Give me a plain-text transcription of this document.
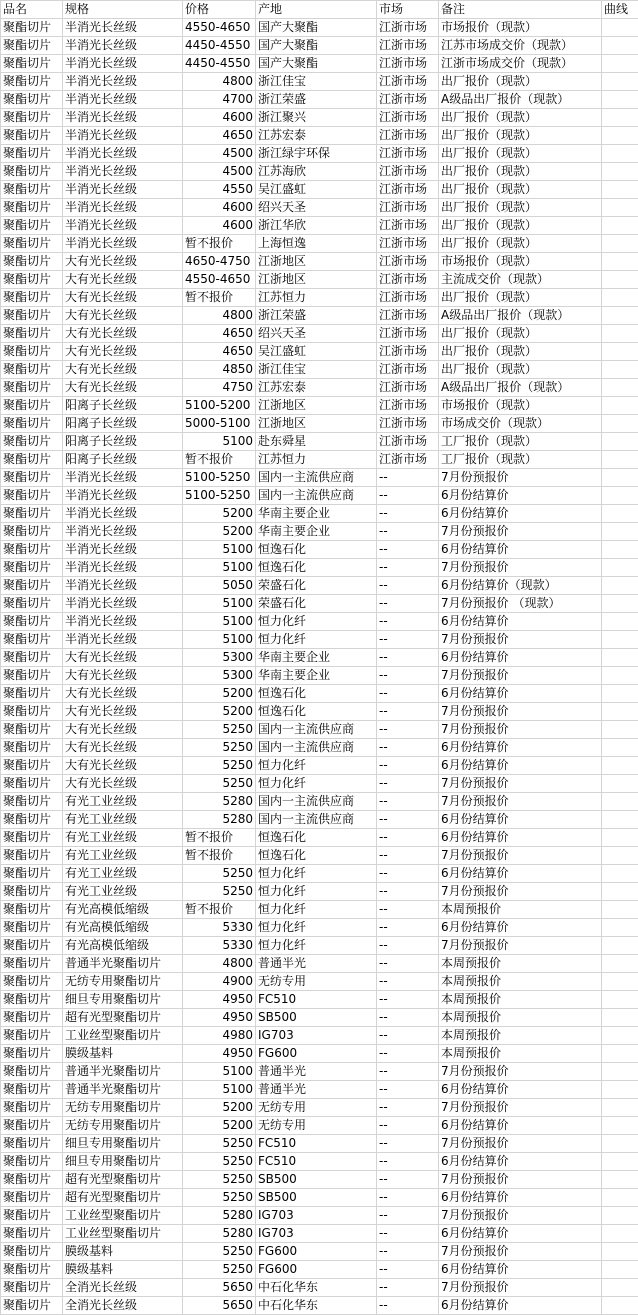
品名	规格	价格	产地	市场	备注	曲线
聚酯切片	半消光长丝级	4550-4650	国产大聚酯	江浙市场	市场报价（现款）	
聚酯切片	半消光长丝级	4450-4550	国产大聚酯	江浙市场	江苏市场成交价（现款）	
聚酯切片	半消光长丝级	4450-4550	国产大聚酯	江浙市场	江浙市场成交价（现款）	
聚酯切片	半消光长丝级	4800	浙江佳宝	江浙市场	出厂报价（现款）	
聚酯切片	半消光长丝级	4700	浙江荣盛	江浙市场	A级品出厂报价（现款）	
聚酯切片	半消光长丝级	4600	浙江聚兴	江浙市场	出厂报价（现款）	
聚酯切片	半消光长丝级	4650	江苏宏泰	江浙市场	出厂报价（现款）	
聚酯切片	半消光长丝级	4500	浙江绿宇环保	江浙市场	出厂报价（现款）	
聚酯切片	半消光长丝级	4500	江苏海欣	江浙市场	出厂报价（现款）	
聚酯切片	半消光长丝级	4550	吴江盛虹	江浙市场	出厂报价（现款）	
聚酯切片	半消光长丝级	4600	绍兴天圣	江浙市场	出厂报价（现款）	
聚酯切片	半消光长丝级	4600	浙江华欣	江浙市场	出厂报价（现款）	
聚酯切片	半消光长丝级	暂不报价	上海恒逸	江浙市场	出厂报价（现款）	
聚酯切片	大有光长丝级	4650-4750	江浙地区	江浙市场	市场报价（现款）	
聚酯切片	大有光长丝级	4550-4650	江浙地区	江浙市场	主流成交价（现款）	
聚酯切片	大有光长丝级	暂不报价	江苏恒力	江浙市场	出厂报价（现款）	
聚酯切片	大有光长丝级	4800	浙江荣盛	江浙市场	A级品出厂报价（现款）	
聚酯切片	大有光长丝级	4650	绍兴天圣	江浙市场	出厂报价（现款）	
聚酯切片	大有光长丝级	4650	吴江盛虹	江浙市场	出厂报价（现款）	
聚酯切片	大有光长丝级	4850	浙江佳宝	江浙市场	出厂报价（现款）	
聚酯切片	大有光长丝级	4750	江苏宏泰	江浙市场	A级品出厂报价（现款）	
聚酯切片	阳离子长丝级	5100-5200	江浙地区	江浙市场	市场报价（现款）	
聚酯切片	阳离子长丝级	5000-5100	江浙地区	江浙市场	市场成交价（现款）	
聚酯切片	阳离子长丝级	5100	赴东舜星	江浙市场	工厂报价（现款）	
聚酯切片	阳离子长丝级	暂不报价	江苏恒力	江浙市场	工厂报价（现款）	
聚酯切片	半消光长丝级	5100-5250	国内一主流供应商	--	7月份预报价	
聚酯切片	半消光长丝级	5100-5250	国内一主流供应商	--	6月份结算价	
聚酯切片	半消光长丝级	5200	华南主要企业	--	6月份结算价	
聚酯切片	半消光长丝级	5200	华南主要企业	--	7月份预报价	
聚酯切片	半消光长丝级	5100	恒逸石化	--	6月份结算价	
聚酯切片	半消光长丝级	5100	恒逸石化	--	7月份预报价	
聚酯切片	半消光长丝级	5050	荣盛石化	--	6月份结算价（现款）	
聚酯切片	半消光长丝级	5100	荣盛石化	--	7月份预报价 （现款）	
聚酯切片	半消光长丝级	5100	恒力化纤	--	6月份结算价	
聚酯切片	半消光长丝级	5100	恒力化纤	--	7月份预报价	
聚酯切片	大有光长丝级	5300	华南主要企业	--	6月份结算价	
聚酯切片	大有光长丝级	5300	华南主要企业	--	7月份预报价	
聚酯切片	大有光长丝级	5200	恒逸石化	--	6月份结算价	
聚酯切片	大有光长丝级	5200	恒逸石化	--	7月份预报价	
聚酯切片	大有光长丝级	5250	国内一主流供应商	--	7月份预报价	
聚酯切片	大有光长丝级	5250	国内一主流供应商	--	6月份结算价	
聚酯切片	大有光长丝级	5250	恒力化纤	--	6月份结算价	
聚酯切片	大有光长丝级	5250	恒力化纤	--	7月份预报价	
聚酯切片	有光工业丝级	5280	国内一主流供应商	--	7月份预报价	
聚酯切片	有光工业丝级	5280	国内一主流供应商	--	6月份结算价	
聚酯切片	有光工业丝级	暂不报价	恒逸石化	--	6月份结算价	
聚酯切片	有光工业丝级	暂不报价	恒逸石化	--	7月份预报价	
聚酯切片	有光工业丝级	5250	恒力化纤	--	6月份结算价	
聚酯切片	有光工业丝级	5250	恒力化纤	--	7月份预报价	
聚酯切片	有光高模低缩级	暂不报价	恒力化纤	--	本周预报价	
聚酯切片	有光高模低缩级	5330	恒力化纤	--	6月份结算价	
聚酯切片	有光高模低缩级	5330	恒力化纤	--	7月份预报价	
聚酯切片	普通半光聚酯切片	4800	普通半光	--	本周预报价	
聚酯切片	无纺专用聚酯切片	4900	无纺专用	--	本周预报价	
聚酯切片	细旦专用聚酯切片	4950	FC510	--	本周预报价	
聚酯切片	超有光型聚酯切片	4950	SB500	--	本周预报价	
聚酯切片	工业丝型聚酯切片	4980	IG703	--	本周预报价	
聚酯切片	膜级基料	4950	FG600	--	本周预报价	
聚酯切片	普通半光聚酯切片	5100	普通半光	--	7月份预报价	
聚酯切片	普通半光聚酯切片	5100	普通半光	--	6月份结算价	
聚酯切片	无纺专用聚酯切片	5200	无纺专用	--	7月份预报价	
聚酯切片	无纺专用聚酯切片	5200	无纺专用	--	6月份结算价	
聚酯切片	细旦专用聚酯切片	5250	FC510	--	7月份预报价	
聚酯切片	细旦专用聚酯切片	5250	FC510	--	6月份结算价	
聚酯切片	超有光型聚酯切片	5250	SB500	--	7月份预报价	
聚酯切片	超有光型聚酯切片	5250	SB500	--	6月份结算价	
聚酯切片	工业丝型聚酯切片	5280	IG703	--	7月份预报价	
聚酯切片	工业丝型聚酯切片	5280	IG703	--	6月份结算价	
聚酯切片	膜级基料	5250	FG600	--	7月份预报价	
聚酯切片	膜级基料	5250	FG600	--	6月份结算价	
聚酯切片	全消光长丝级	5650	中石化华东	--	7月份预报价	
聚酯切片	全消光长丝级	5650	中石化华东	--	6月份结算价	
